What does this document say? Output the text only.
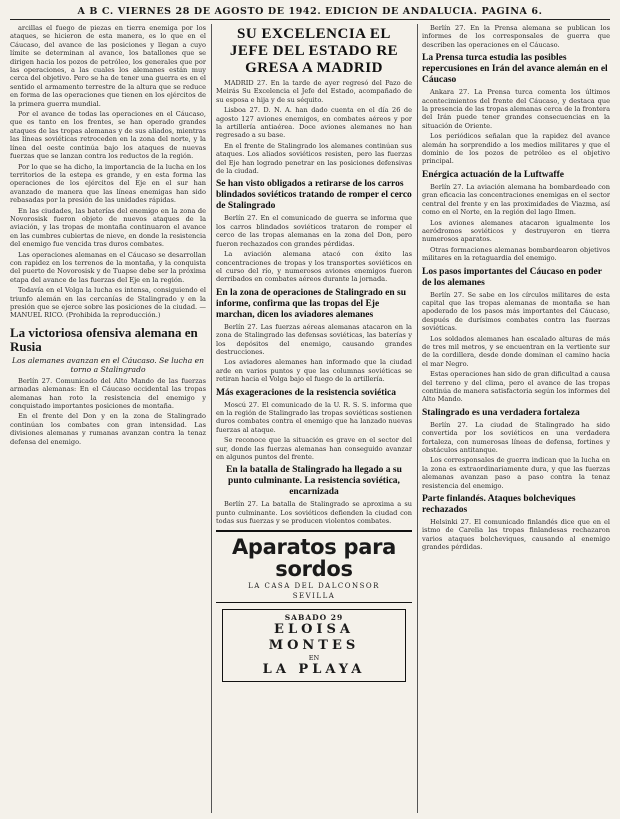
A B C. VIERNES 28 DE AGOSTO DE 1942. EDICION DE ANDALUCIA. PAGINA 6.

arcillas el fuego de piezas en tierra enemiga por los ataques, se hicieron de esta manera, es lo que en el Cáucaso, del avance de las posiciones y llegan a cuyo límite se determinan al avance, los batallones que se dirigen hacia los pozos de petróleo, los generales que por las operaciones, a las cuales los alemanes están muy cerca del objetivo. Pero se ha de tener una guerra es en el sentido el armamento terrestre de la altura que se reduce en forma de las operaciones que tienen en los ejércitos de la primera guerra mundial.

Por el avance de todas las operaciones en el Cáucaso, que es tanto en los frentes, se han operado grandes ataques de las tropas alemanas y de sus aliados, mientras las líneas soviéticas retroceden en la zona del norte, y la línea del oeste continúa bajo los ataques de nuevas fuerzas que se lanzan contra los reductos de la región.

Por lo que se ha dicho, la importancia de la lucha en los territorios de la estepa es grande, y en esta forma las operaciones de los ejércitos del Eje en el sur han avanzado de manera que las líneas enemigas han sido rebasadas por la presión de las unidades rápidas.

En las ciudades, las baterías del enemigo en la zona de Novorosisk fueron objeto de nuevos ataques de la aviación, y las tropas de montaña continuaron el avance en las cumbres cubiertas de nieve, en donde la resistencia del enemigo fue vencida tras duros combates.

Las operaciones alemanas en el Cáucaso se desarrollan con rapidez en los terrenos de la montaña, y la conquista del puerto de Novorosisk y de Tuapse debe ser la próxima etapa del avance de las fuerzas del Eje en la región.

Todavía en el Volga la lucha es intensa, consiguiendo el triunfo alemán en las cercanías de Stalingrado y en la presión que se ejerce sobre las posiciones de la ciudad. — MANUEL RICO. (Prohibida la reproducción.)

La victoriosa ofensiva alemana en Rusia
Los alemanes avanzan en el Cáucaso. Se lucha en torno a Stalingrado

Berlín 27. Comunicado del Alto Mando de las fuerzas armadas alemanas: En el Cáucaso occidental las tropas alemanas han roto la resistencia del enemigo y conquistado importantes posiciones de montaña.

En el frente del Don y en la zona de Stalingrado continúan los combates con gran intensidad. Las divisiones alemanas y rumanas avanzan contra la tenaz defensa del enemigo.

SU EXCELENCIA EL
JEFE DEL ESTADO RE
GRESA A MADRID

MADRID 27. En la tarde de ayer regresó del Pazo de Meirás Su Excelencia el Jefe del Estado, acompañado de su esposa e hija y de su séquito.

Lisboa 27. D. N. A. han dado cuenta en el día 26 de agosto 127 aviones enemigos, en combates aéreos y por la artillería antiaérea. Doce aviones alemanes no han regresado a su base.

En el frente de Stalingrado los alemanes continúan sus ataques. Los aliados soviéticos resisten, pero las fuerzas del Eje han logrado penetrar en las posiciones defensivas de la ciudad.

Se han visto obligados a retirarse de los carros blindados soviéticos tratando de romper el cerco de Stalingrado

Berlín 27. En el comunicado de guerra se informa que los carros blindados soviéticos trataron de romper el cerco de las tropas alemanas en la zona del Don, pero fueron rechazados con grandes pérdidas.

La aviación alemana atacó con éxito las concentraciones de tropas y los transportes soviéticos en el curso del río, y numerosos aviones enemigos fueron derribados en combates aéreos durante la jornada.

En la zona de operaciones de Stalingrado en su informe, confirma que las tropas del Eje marchan, dicen los aviadores alemanes

Berlín 27. Las fuerzas aéreas alemanas atacaron en la zona de Stalingrado las defensas soviéticas, las baterías y los depósitos del enemigo, causando grandes destrucciones.

Los aviadores alemanes han informado que la ciudad arde en varios puntos y que las columnas soviéticas se retiran hacia el Volga bajo el fuego de la artillería.

Más exageraciones de la resistencia soviética

Moscú 27. El comunicado de la U. R. S. S. informa que en la región de Stalingrado las tropas soviéticas sostienen duros combates contra el enemigo que ha lanzado nuevas fuerzas al ataque.

Se reconoce que la situación es grave en el sector del sur, donde las fuerzas alemanas han conseguido avanzar en algunos puntos del frente.

En la batalla de Stalingrado ha llegado a su punto culminante. La resistencia soviética, encarnizada

Berlín 27. La batalla de Stalingrado se aproxima a su punto culminante. Los soviéticos defienden la ciudad con todas sus fuerzas y se producen violentos combates.

Aparatos para sordos
LA CASA DEL DALCONSOR
SEVILLA
SABADO 29
ELOISA MONTES
EN
LA PLAYA

Berlín 27. En la Prensa alemana se publican los informes de los corresponsales de guerra que describen las operaciones en el Cáucaso.

La Prensa turca estudia las posibles repercusiones en Irán del avance alemán en el Cáucaso

Ankara 27. La Prensa turca comenta los últimos acontecimientos del frente del Cáucaso, y destaca que la presencia de las tropas alemanas cerca de la frontera del Irán puede tener grandes consecuencias en la situación de Oriente.

Los periódicos señalan que la rapidez del avance alemán ha sorprendido a los medios militares y que el dominio de los pozos de petróleo es el objetivo principal.

Enérgica actuación de la Luftwaffe

Berlín 27. La aviación alemana ha bombardeado con gran eficacia las concentraciones enemigas en el sector central del frente y en las proximidades de Viazma, así como en el Norte, en la región del lago Ilmen.

Los aviones alemanes atacaron igualmente los aeródromos soviéticos y destruyeron en tierra numerosos aparatos.

Otras formaciones alemanas bombardearon objetivos militares en la retaguardia del enemigo.

Los pasos importantes del Cáucaso en poder de los alemanes

Berlín 27. Se sabe en los círculos militares de esta capital que las tropas alemanas de montaña se han apoderado de los pasos más importantes del Cáucaso, después de durísimos combates contra las fuerzas soviéticas.

Los soldados alemanes han escalado alturas de más de tres mil metros, y se encuentran en la vertiente sur de la cordillera, desde donde dominan el camino hacia el mar Negro.

Estas operaciones han sido de gran dificultad a causa del terreno y del clima, pero el avance de las tropas continúa de manera satisfactoria según los informes del Alto Mando.

Stalingrado es una verdadera fortaleza

Berlín 27. La ciudad de Stalingrado ha sido convertida por los soviéticos en una verdadera fortaleza, con numerosas líneas de defensa, fortines y obstáculos antitanque.

Los corresponsales de guerra indican que la lucha en la zona es extraordinariamente dura, y que las fuerzas alemanas avanzan paso a paso contra la tenaz resistencia del enemigo.

Parte finlandés. Ataques bolcheviques rechazados

Helsinki 27. El comunicado finlandés dice que en el istmo de Carelia las tropas finlandesas rechazaron varios ataques bolcheviques, causando al enemigo grandes pérdidas.
